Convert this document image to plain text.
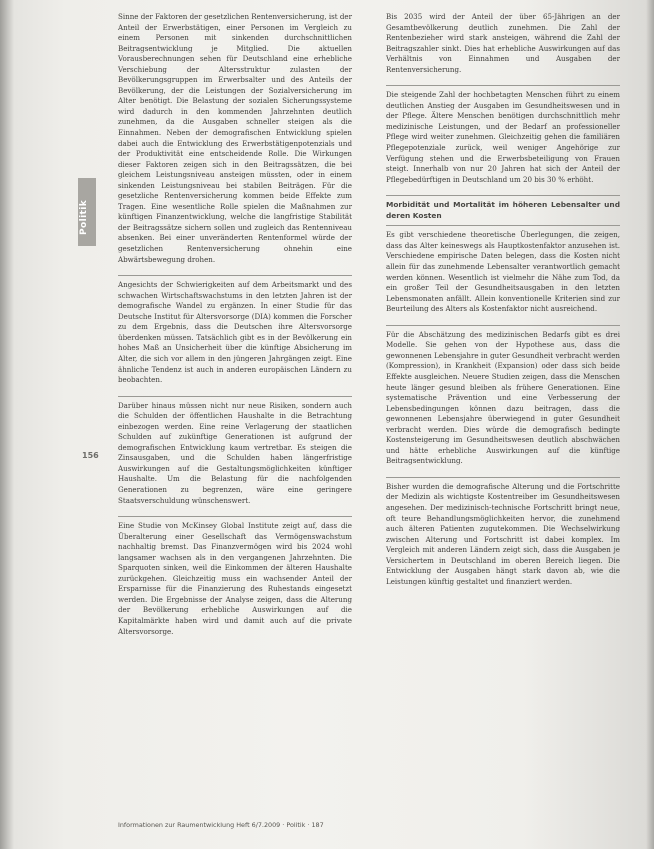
Politik
156

Sinne der Faktoren der gesetzlichen Rentenversicherung, ist der Anteil der Erwerbstätigen, einer Personen im Vergleich zu einem Personen mit sinkenden durchschnittlichen Beitragsentwicklung je Mitglied. Die aktuellen Vorausberechnungen sehen für Deutschland eine erhebliche Verschiebung der Altersstruktur zulasten der Bevölkerungsgruppen im Erwerbsalter und des Anteils der Bevölkerung, der die Leistungen der Sozialversicherung im Alter benötigt. Die Belastung der sozialen Sicherungssysteme wird dadurch in den kommenden Jahrzehnten deutlich zunehmen, da die Ausgaben schneller steigen als die Einnahmen. Neben der demografischen Entwicklung spielen dabei auch die Entwicklung des Erwerbstätigenpotenzials und der Produktivität eine entscheidende Rolle. Die Wirkungen dieser Faktoren zeigen sich in den Beitragssätzen, die bei gleichem Leistungsniveau ansteigen müssten, oder in einem sinkenden Leistungsniveau bei stabilen Beiträgen. Für die gesetzliche Rentenversicherung kommen beide Effekte zum Tragen. Eine wesentliche Rolle spielen die Maßnahmen zur künftigen Finanzentwicklung, welche die langfristige Stabilität der Beitragssätze sichern sollen und zugleich das Rentenniveau absenken. Bei einer unveränderten Rentenformel würde der gesetzlichen Rentenversicherung ohnehin eine Abwärtsbewegung drohen.

Angesichts der Schwierigkeiten auf dem Arbeitsmarkt und des schwachen Wirtschaftswachstums in den letzten Jahren ist der demografische Wandel zu ergänzen. In einer Studie für das Deutsche Institut für Altersvorsorge (DIA) kommen die Forscher zu dem Ergebnis, dass die Deutschen ihre Altersvorsorge überdenken müssen. Tatsächlich gibt es in der Bevölkerung ein hohes Maß an Unsicherheit über die künftige Absicherung im Alter, die sich vor allem in den jüngeren Jahrgängen zeigt. Eine ähnliche Tendenz ist auch in anderen europäischen Ländern zu beobachten.

Darüber hinaus müssen nicht nur neue Risiken, sondern auch die Schulden der öffentlichen Haushalte in die Betrachtung einbezogen werden. Eine reine Verlagerung der staatlichen Schulden auf zukünftige Generationen ist aufgrund der demografischen Entwicklung kaum vertretbar. Es steigen die Zinsausgaben, und die Schulden haben längerfristige Auswirkungen auf die Gestaltungsmöglichkeiten künftiger Haushalte. Um die Belastung für die nachfolgenden Generationen zu begrenzen, wäre eine geringere Staatsverschuldung wünschenswert.

Eine Studie von McKinsey Global Institute zeigt auf, dass die Überalterung einer Gesellschaft das Vermögenswachstum nachhaltig bremst. Das Finanzvermögen wird bis 2024 wohl langsamer wachsen als in den vergangenen Jahrzehnten. Die Sparquoten sinken, weil die Einkommen der älteren Haushalte zurückgehen. Gleichzeitig muss ein wachsender Anteil der Ersparnisse für die Finanzierung des Ruhestands eingesetzt werden. Die Ergebnisse der Analyse zeigen, dass die Alterung der Bevölkerung erhebliche Auswirkungen auf die Kapitalmärkte haben wird und damit auch auf die private Altersvorsorge.

Bis 2035 wird der Anteil der über 65-Jährigen an der Gesamtbevölkerung deutlich zunehmen. Die Zahl der Rentenbezieher wird stark ansteigen, während die Zahl der Beitragszahler sinkt. Dies hat erhebliche Auswirkungen auf das Verhältnis von Einnahmen und Ausgaben der Rentenversicherung.

Die steigende Zahl der hochbetagten Menschen führt zu einem deutlichen Anstieg der Ausgaben im Gesundheitswesen und in der Pflege. Ältere Menschen benötigen durchschnittlich mehr medizinische Leistungen, und der Bedarf an professioneller Pflege wird weiter zunehmen. Gleichzeitig gehen die familiären Pflegepotenziale zurück, weil weniger Angehörige zur Verfügung stehen und die Erwerbsbeteiligung von Frauen steigt. Innerhalb von nur 20 Jahren hat sich der Anteil der Pflegebedürftigen in Deutschland um 20 bis 30 % erhöht.

Morbidität und Mortalität im höheren Lebensalter und deren Kosten

Es gibt verschiedene theoretische Überlegungen, die zeigen, dass das Alter keineswegs als Hauptkostenfaktor anzusehen ist. Verschiedene empirische Daten belegen, dass die Kosten nicht allein für das zunehmende Lebensalter verantwortlich gemacht werden können. Wesentlich ist vielmehr die Nähe zum Tod, da ein großer Teil der Gesundheitsausgaben in den letzten Lebensmonaten anfällt. Allein konventionelle Kriterien sind zur Beurteilung des Alters als Kostenfaktor nicht ausreichend.

Für die Abschätzung des medizinischen Bedarfs gibt es drei Modelle. Sie gehen von der Hypothese aus, dass die gewonnenen Lebensjahre in guter Gesundheit verbracht werden (Kompression), in Krankheit (Expansion) oder dass sich beide Effekte ausgleichen. Neuere Studien zeigen, dass die Menschen heute länger gesund bleiben als frühere Generationen. Eine systematische Prävention und eine Verbesserung der Lebensbedingungen können dazu beitragen, dass die gewonnenen Lebensjahre überwiegend in guter Gesundheit verbracht werden. Dies würde die demografisch bedingte Kostensteigerung im Gesundheitswesen deutlich abschwächen und hätte erhebliche Auswirkungen auf die künftige Beitragsentwicklung.

Bisher wurden die demografische Alterung und die Fortschritte der Medizin als wichtigste Kostentreiber im Gesundheitswesen angesehen. Der medizinisch-technische Fortschritt bringt neue, oft teure Behandlungsmöglichkeiten hervor, die zunehmend auch älteren Patienten zugutekommen. Die Wechselwirkung zwischen Alterung und Fortschritt ist dabei komplex. Im Vergleich mit anderen Ländern zeigt sich, dass die Ausgaben je Versichertem in Deutschland im oberen Bereich liegen. Die Entwicklung der Ausgaben hängt stark davon ab, wie die Leistungen künftig gestaltet und finanziert werden.

Informationen zur Raumentwicklung Heft 6/7.2009 · Politik · 187
